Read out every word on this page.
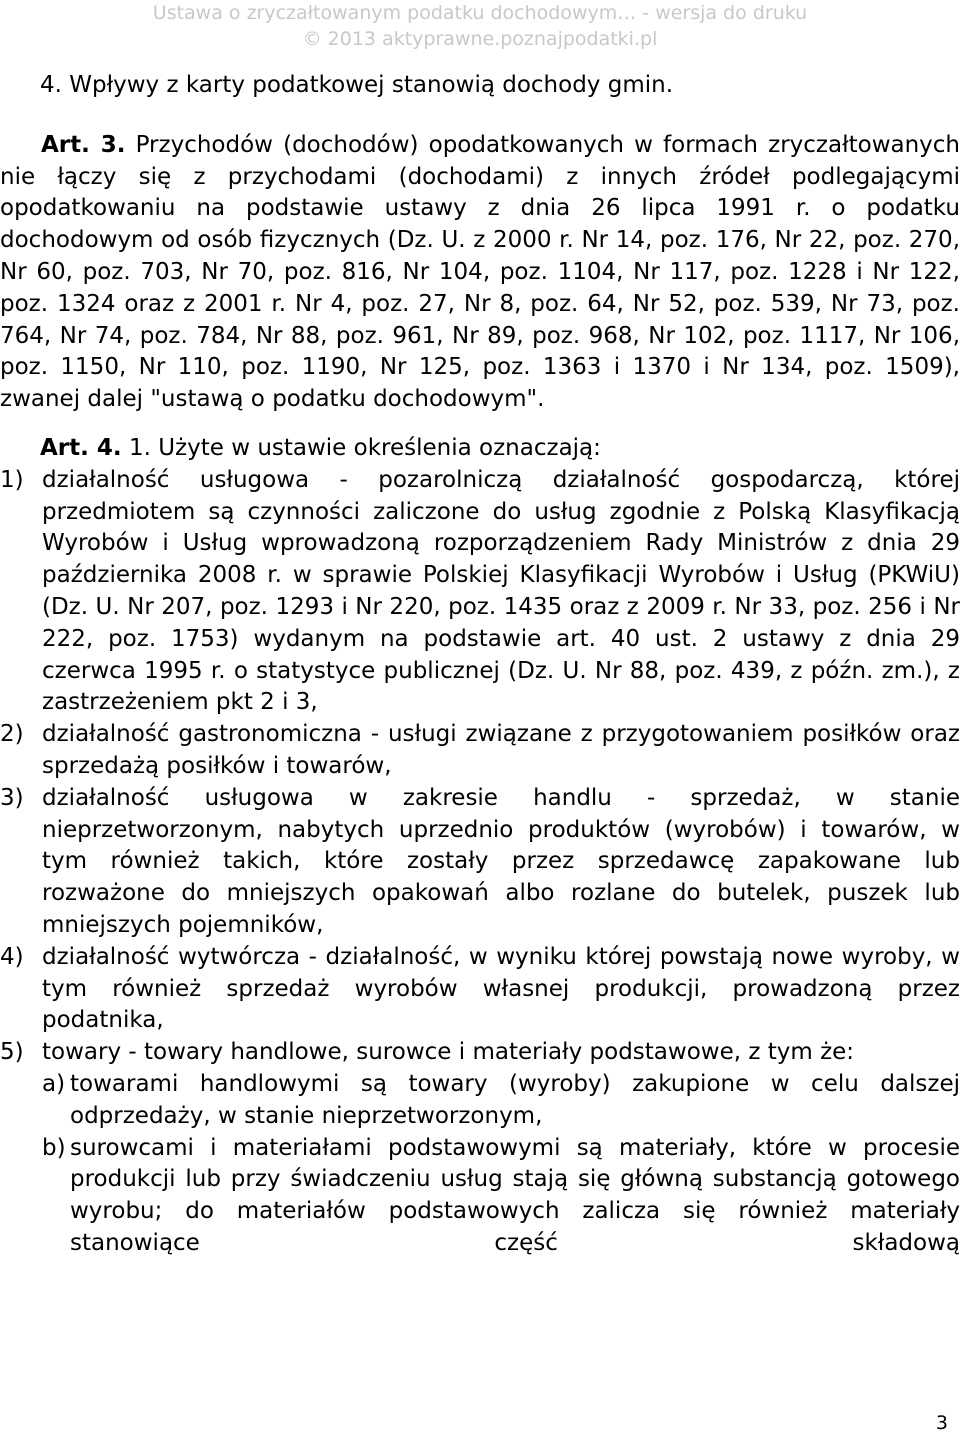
Ustawa o zryczałtowanym podatku dochodowym… - wersja do druku
© 2013 aktyprawne.poznajpodatki.pl

4. Wpływy z karty podatkowej stanowią dochody gmin.

Art. 3. Przychodów (dochodów) opodatkowanych w formach zryczałtowanych nie łączy się z przychodami (dochodami) z innych źródeł podlegającymi opodatkowaniu na podstawie ustawy z dnia 26 lipca 1991 r. o podatku dochodowym od osób fizycznych (Dz. U. z 2000 r. Nr 14, poz. 176, Nr 22, poz. 270, Nr 60, poz. 703, Nr 70, poz. 816, Nr 104, poz. 1104, Nr 117, poz. 1228 i Nr 122, poz. 1324 oraz z 2001 r. Nr 4, poz. 27, Nr 8, poz. 64, Nr 52, poz. 539, Nr 73, poz. 764, Nr 74, poz. 784, Nr 88, poz. 961, Nr 89, poz. 968, Nr 102, poz. 1117, Nr 106, poz. 1150, Nr 110, poz. 1190, Nr 125, poz. 1363 i 1370 i Nr 134, poz. 1509), zwanej dalej "ustawą o podatku dochodowym".

Art. 4. 1. Użyte w ustawie określenia oznaczają:

1) działalność usługowa - pozarolniczą działalność gospodarczą, której przedmiotem są czynności zaliczone do usług zgodnie z Polską Klasyfikacją Wyrobów i Usług wprowadzoną rozporządzeniem Rady Ministrów z dnia 29 października 2008 r. w sprawie Polskiej Klasyfikacji Wyrobów i Usług (PKWiU) (Dz. U. Nr 207, poz. 1293 i Nr 220, poz. 1435 oraz z 2009 r. Nr 33, poz. 256 i Nr 222, poz. 1753) wydanym na podstawie art. 40 ust. 2 ustawy z dnia 29 czerwca 1995 r. o statystyce publicznej (Dz. U. Nr 88, poz. 439, z późn. zm.), z zastrzeżeniem pkt 2 i 3,
2) działalność gastronomiczna - usługi związane z przygotowaniem posiłków oraz sprzedażą posiłków i towarów,
3) działalność usługowa w zakresie handlu - sprzedaż, w stanie nieprzetworzonym, nabytych uprzednio produktów (wyrobów) i towarów, w tym również takich, które zostały przez sprzedawcę zapakowane lub rozważone do mniejszych opakowań albo rozlane do butelek, puszek lub mniejszych pojemników,
4) działalność wytwórcza - działalność, w wyniku której powstają nowe wyroby, w tym również sprzedaż wyrobów własnej produkcji, prowadzoną przez podatnika,
5) towary - towary handlowe, surowce i materiały podstawowe, z tym że:
a) towarami handlowymi są towary (wyroby) zakupione w celu dalszej odprzedaży, w stanie nieprzetworzonym,
b) surowcami i materiałami podstawowymi są materiały, które w procesie produkcji lub przy świadczeniu usług stają się główną substancją gotowego wyrobu; do materiałów podstawowych zalicza się również materiały stanowiące część składową
3
